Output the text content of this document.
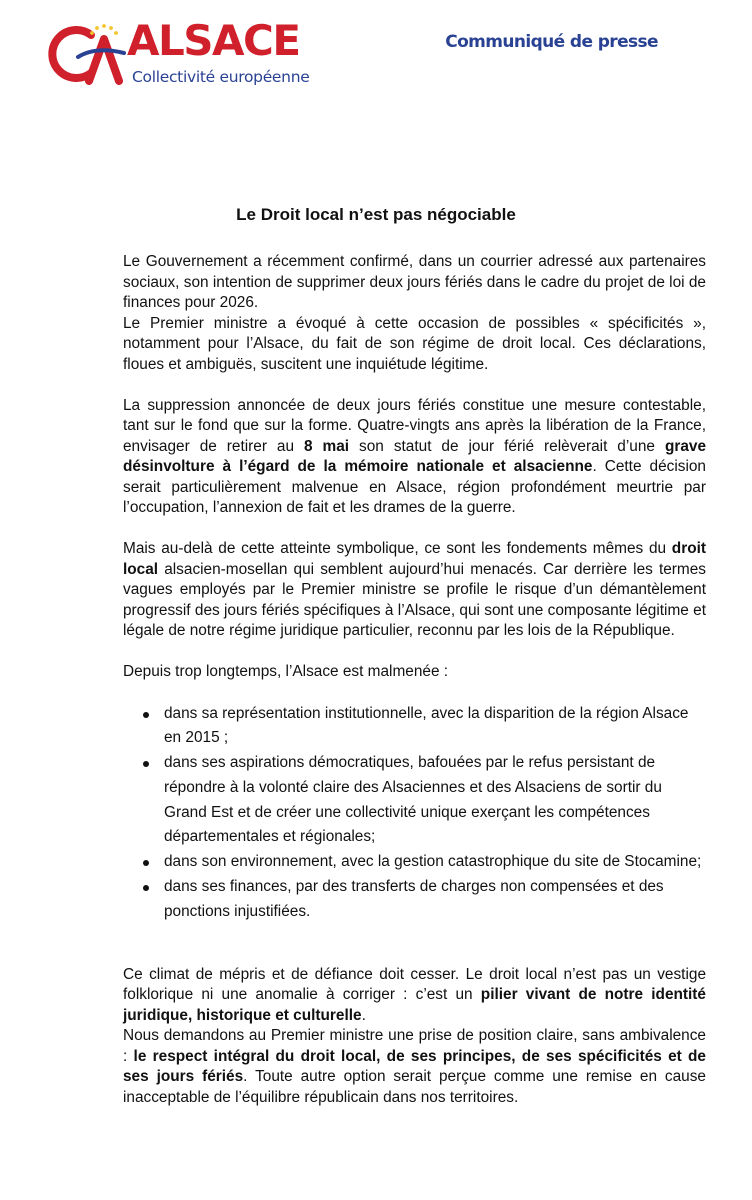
ALSACE
Collectivité européenne
Communiqué de presse
Le Droit local n’est pas négociable

Le Gouvernement a récemment confirmé, dans un courrier adressé aux partenaires sociaux, son intention de supprimer deux jours fériés dans le cadre du projet de loi de finances pour 2026.

Le Premier ministre a évoqué à cette occasion de possibles « spécificités », notamment pour l’Alsace, du fait de son régime de droit local. Ces déclarations, floues et ambiguës, suscitent une inquiétude légitime.

La suppression annoncée de deux jours fériés constitue une mesure contestable, tant sur le fond que sur la forme. Quatre-vingts ans après la libération de la France, envisager de retirer au 8 mai son statut de jour férié relèverait d’une grave désinvolture à l’égard de la mémoire nationale et alsacienne. Cette décision serait particulièrement malvenue en Alsace, région profondément meurtrie par l’occupation, l’annexion de fait et les drames de la guerre.

Mais au-delà de cette atteinte symbolique, ce sont les fondements mêmes du droit local alsacien-mosellan qui semblent aujourd’hui menacés. Car derrière les termes vagues employés par le Premier ministre se profile le risque d’un démantèlement progressif des jours fériés spécifiques à l’Alsace, qui sont une composante légitime et légale de notre régime juridique particulier, reconnu par les lois de la République.

Depuis trop longtemps, l’Alsace est malmenée :

dans sa représentation institutionnelle, avec la disparition de la région Alsace en 2015 ;
dans ses aspirations démocratiques, bafouées par le refus persistant de répondre à la volonté claire des Alsaciennes et des Alsaciens de sortir du Grand Est et de créer une collectivité unique exerçant les compétences départementales et régionales;
dans son environnement, avec la gestion catastrophique du site de Stocamine;
dans ses finances, par des transferts de charges non compensées et des ponctions injustifiées.

Ce climat de mépris et de défiance doit cesser. Le droit local n’est pas un vestige folklorique ni une anomalie à corriger : c’est un pilier vivant de notre identité juridique, historique et culturelle.

Nous demandons au Premier ministre une prise de position claire, sans ambivalence : le respect intégral du droit local, de ses principes, de ses spécificités et de ses jours fériés. Toute autre option serait perçue comme une remise en cause inacceptable de l’équilibre républicain dans nos territoires.
